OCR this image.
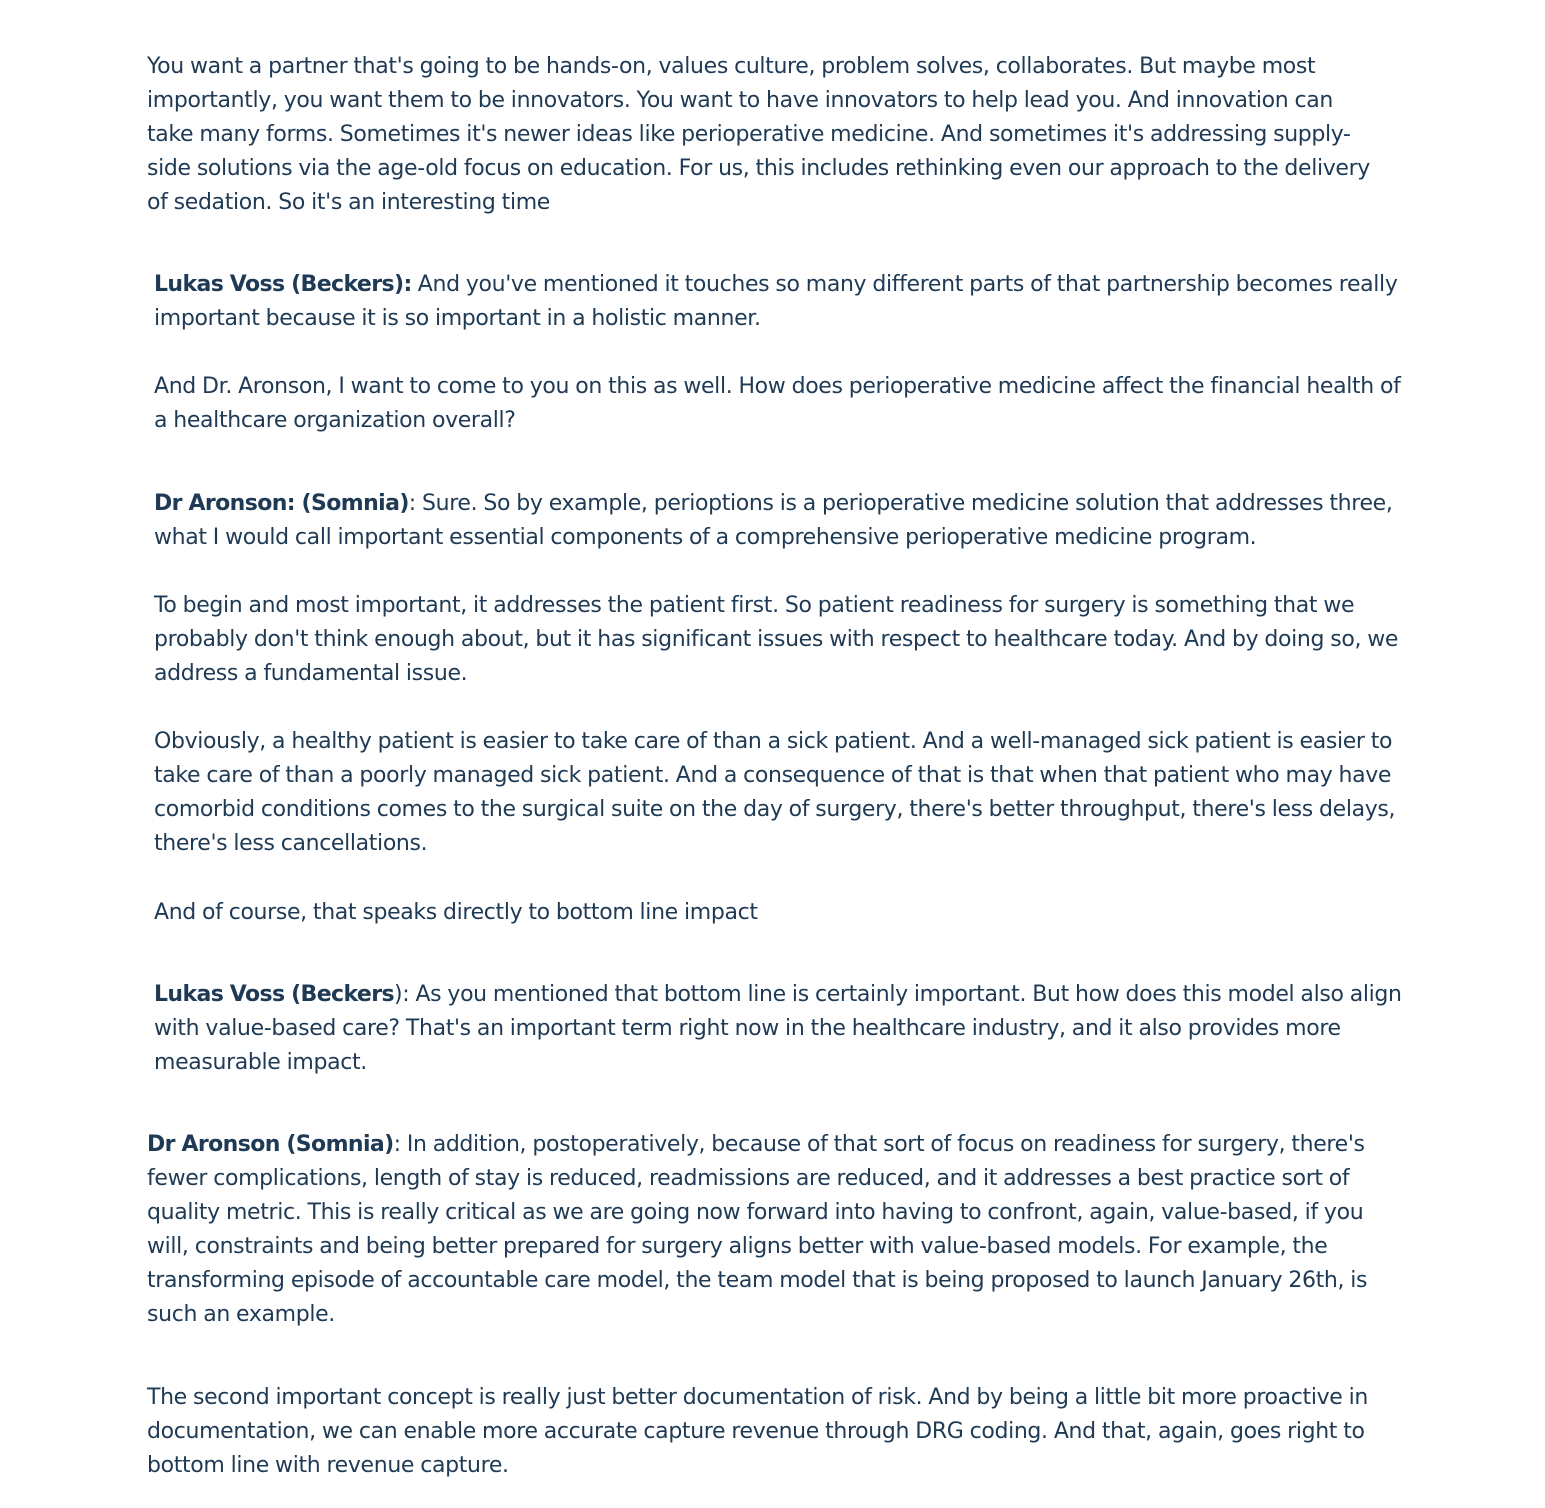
You want a partner that's going to be hands-on, values culture, problem solves, collaborates. But maybe most importantly, you want them to be innovators. You want to have innovators to help lead you. And innovation can take many forms. Sometimes it's newer ideas like perioperative medicine. And sometimes it's addressing supply-side solutions via the age-old focus on education. For us, this includes rethinking even our approach to the delivery of sedation. So it's an interesting time

Lukas Voss (Beckers): And you've mentioned it touches so many different parts of that partnership becomes really important because it is so important in a holistic manner.

And Dr. Aronson, I want to come to you on this as well. How does perioperative medicine affect the financial health of a healthcare organization overall?

Dr Aronson: (Somnia): Sure. So by example, perioptions is a perioperative medicine solution that addresses three, what I would call important essential components of a comprehensive perioperative medicine program.

To begin and most important, it addresses the patient first. So patient readiness for surgery is something that we probably don't think enough about, but it has significant issues with respect to healthcare today. And by doing so, we address a fundamental issue.

Obviously, a healthy patient is easier to take care of than a sick patient. And a well-managed sick patient is easier to take care of than a poorly managed sick patient. And a consequence of that is that when that patient who may have comorbid conditions comes to the surgical suite on the day of surgery, there's better throughput, there's less delays, there's less cancellations.

And of course, that speaks directly to bottom line impact

Lukas Voss (Beckers): As you mentioned that bottom line is certainly important. But how does this model also align with value-based care? That's an important term right now in the healthcare industry, and it also provides more measurable impact.

Dr Aronson (Somnia): In addition, postoperatively, because of that sort of focus on readiness for surgery, there's fewer complications, length of stay is reduced, readmissions are reduced, and it addresses a best practice sort of quality metric. This is really critical as we are going now forward into having to confront, again, value-based, if you will, constraints and being better prepared for surgery aligns better with value-based models. For example, the transforming episode of accountable care model, the team model that is being proposed to launch January 26th, is such an example.

The second important concept is really just better documentation of risk. And by being a little bit more proactive in documentation, we can enable more accurate capture revenue through DRG coding. And that, again, goes right to bottom line with revenue capture.
